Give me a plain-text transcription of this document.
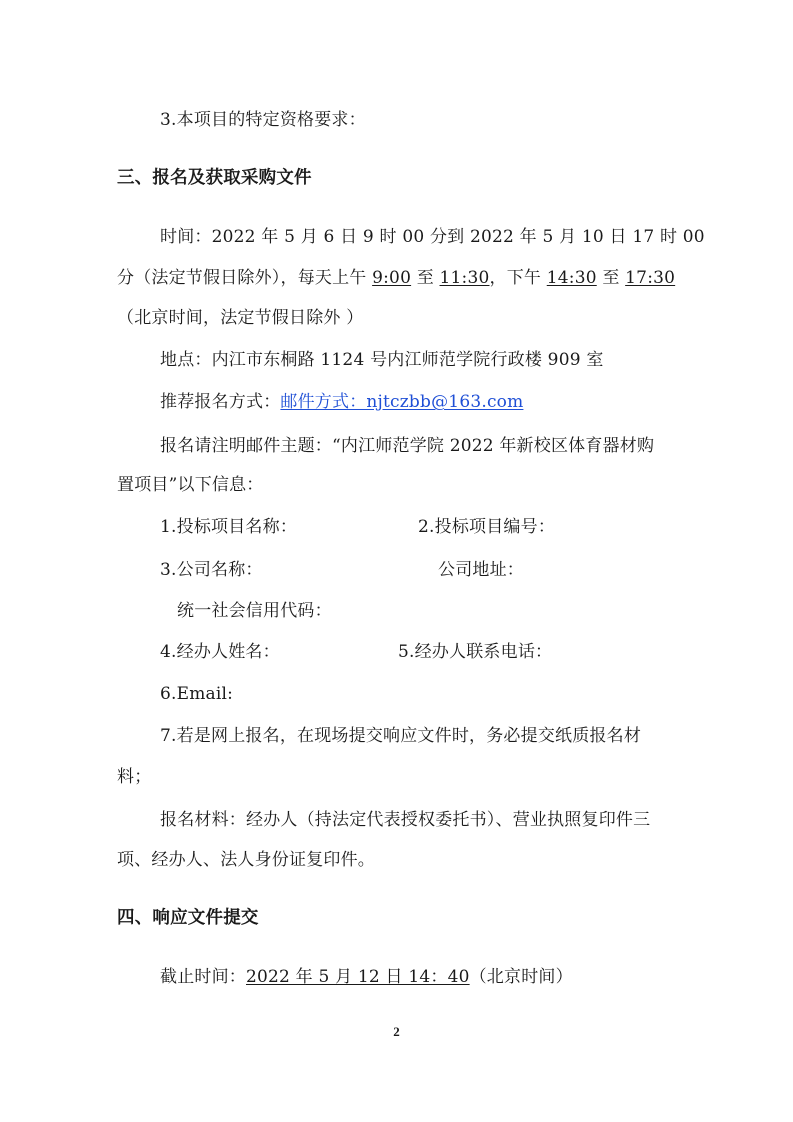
3.本项目的特定资格要求：
三、报名及获取采购文件
时间：2022 年 5 月 6 日 9 时 00 分到 2022 年 5 月 10 日 17 时 00
分（法定节假日除外），每天上午 9:00 至 11:30，下午 14:30 至 17:30
（北京时间，法定节假日除外 ）
地点：内江市东桐路 1124 号内江师范学院行政楼 909 室
推荐报名方式：邮件方式：njtczbb@163.com
报名请注明邮件主题：“内江师范学院 2022 年新校区体育器材购
置项目”以下信息：
1.投标项目名称：	2.投标项目编号：
3.公司名称：	公司地址：
统一社会信用代码：
4.经办人姓名：	5.经办人联系电话：
6.Email:
7.若是网上报名，在现场提交响应文件时，务必提交纸质报名材
料；
报名材料：经办人（持法定代表授权委托书）、营业执照复印件三
项、经办人、法人身份证复印件。
四、响应文件提交
截止时间：2022 年 5 月 12 日 14：40（北京时间）
2
